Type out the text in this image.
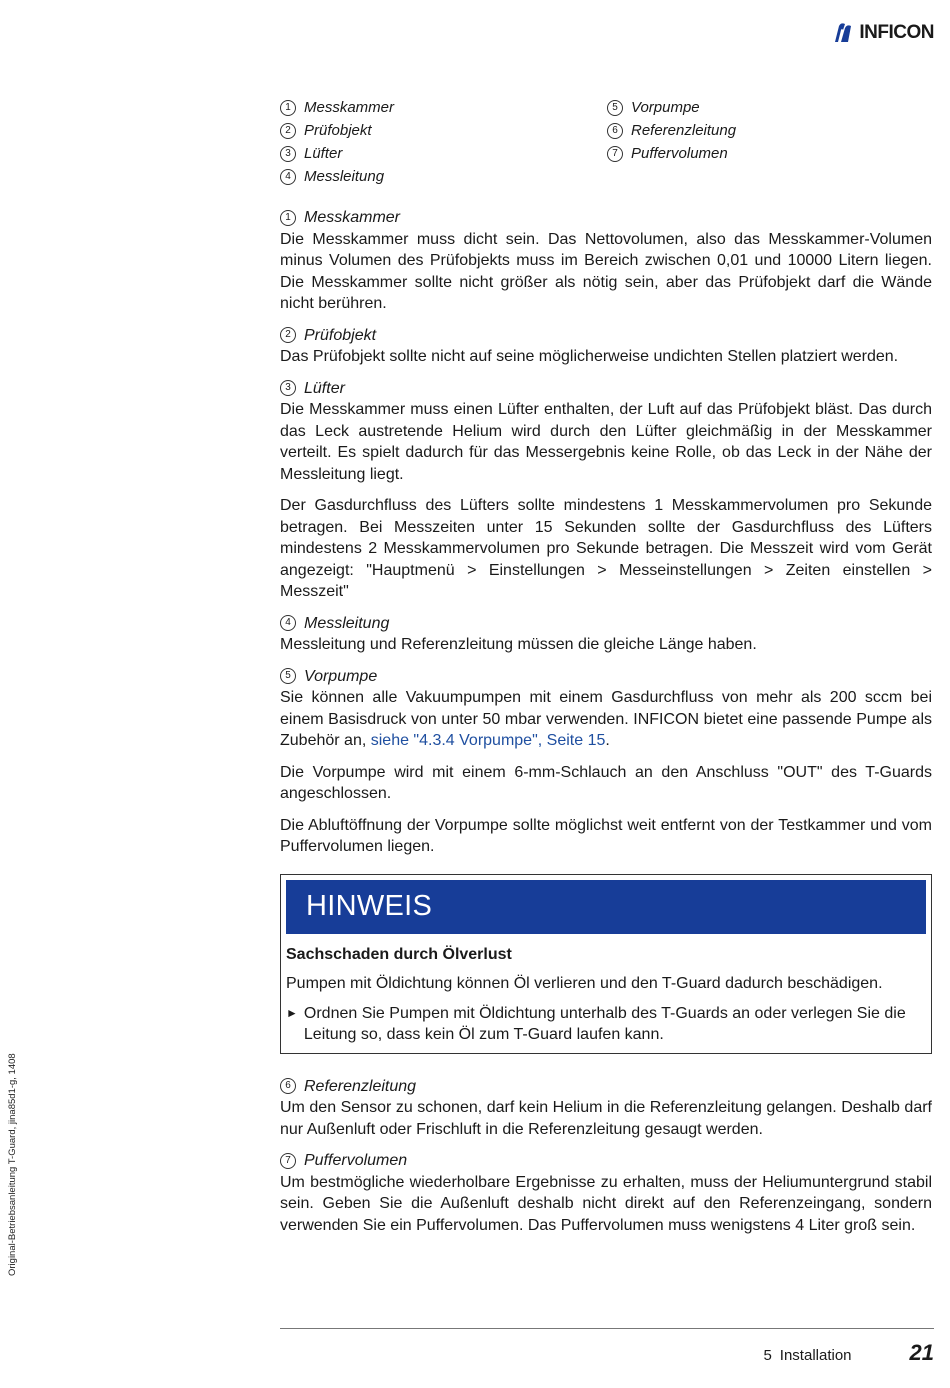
INFICON
Original-Betriebsanleitung T-Guard, jina85d1-g, 1408
1 Messkammer
2 Prüfobjekt
3 Lüfter
4 Messleitung
5 Vorpumpe
6 Referenzleitung
7 Puffervolumen
1 Messkammer

Die Messkammer muss dicht sein. Das Nettovolumen, also das Messkammer-Volumen minus Volumen des Prüfobjekts muss im Bereich zwischen 0,01 und 10000 Litern liegen. Die Messkammer sollte nicht größer als nötig sein, aber das Prüfobjekt darf die Wände nicht berühren.

2 Prüfobjekt

Das Prüfobjekt sollte nicht auf seine möglicherweise undichten Stellen platziert werden.

3 Lüfter

Die Messkammer muss einen Lüfter enthalten, der Luft auf das Prüfobjekt bläst. Das durch das Leck austretende Helium wird durch den Lüfter gleichmäßig in der Messkammer verteilt. Es spielt dadurch für das Messergebnis keine Rolle, ob das Leck in der Nähe der Messleitung liegt.

Der Gasdurchfluss des Lüfters sollte mindestens 1 Messkammervolumen pro Sekunde betragen. Bei Messzeiten unter 15 Sekunden sollte der Gasdurchfluss des Lüfters mindestens 2 Messkammervolumen pro Sekunde betragen. Die Messzeit wird vom Gerät angezeigt: "Hauptmenü > Einstellungen > Messeinstellungen > Zeiten einstellen > Messzeit"

4 Messleitung

Messleitung und Referenzleitung müssen die gleiche Länge haben.

5 Vorpumpe

Sie können alle Vakuumpumpen mit einem Gasdurchfluss von mehr als 200 sccm bei einem Basisdruck von unter 50 mbar verwenden. INFICON bietet eine passende Pumpe als Zubehör an, siehe "4.3.4 Vorpumpe", Seite 15.

Die Vorpumpe wird mit einem 6-mm-Schlauch an den Anschluss "OUT" des T-Guards angeschlossen.

Die Abluftöffnung der Vorpumpe sollte möglichst weit entfernt von der Testkammer und vom Puffervolumen liegen.

HINWEIS
Sachschaden durch Ölverlust

Pumpen mit Öldichtung können Öl verlieren und den T-Guard dadurch beschädigen.

► Ordnen Sie Pumpen mit Öldichtung unterhalb des T-Guards an oder verlegen Sie die Leitung so, dass kein Öl zum T-Guard laufen kann.
6 Referenzleitung

Um den Sensor zu schonen, darf kein Helium in die Referenzleitung gelangen. Deshalb darf nur Außenluft oder Frischluft in die Referenzleitung gesaugt werden.

7 Puffervolumen

Um bestmögliche wiederholbare Ergebnisse zu erhalten, muss der Heliumuntergrund stabil sein. Geben Sie die Außenluft deshalb nicht direkt auf den Referenzeingang, sondern verwenden Sie ein Puffervolumen. Das Puffervolumen muss wenigstens 4 Liter groß sein.

5 Installation	21
